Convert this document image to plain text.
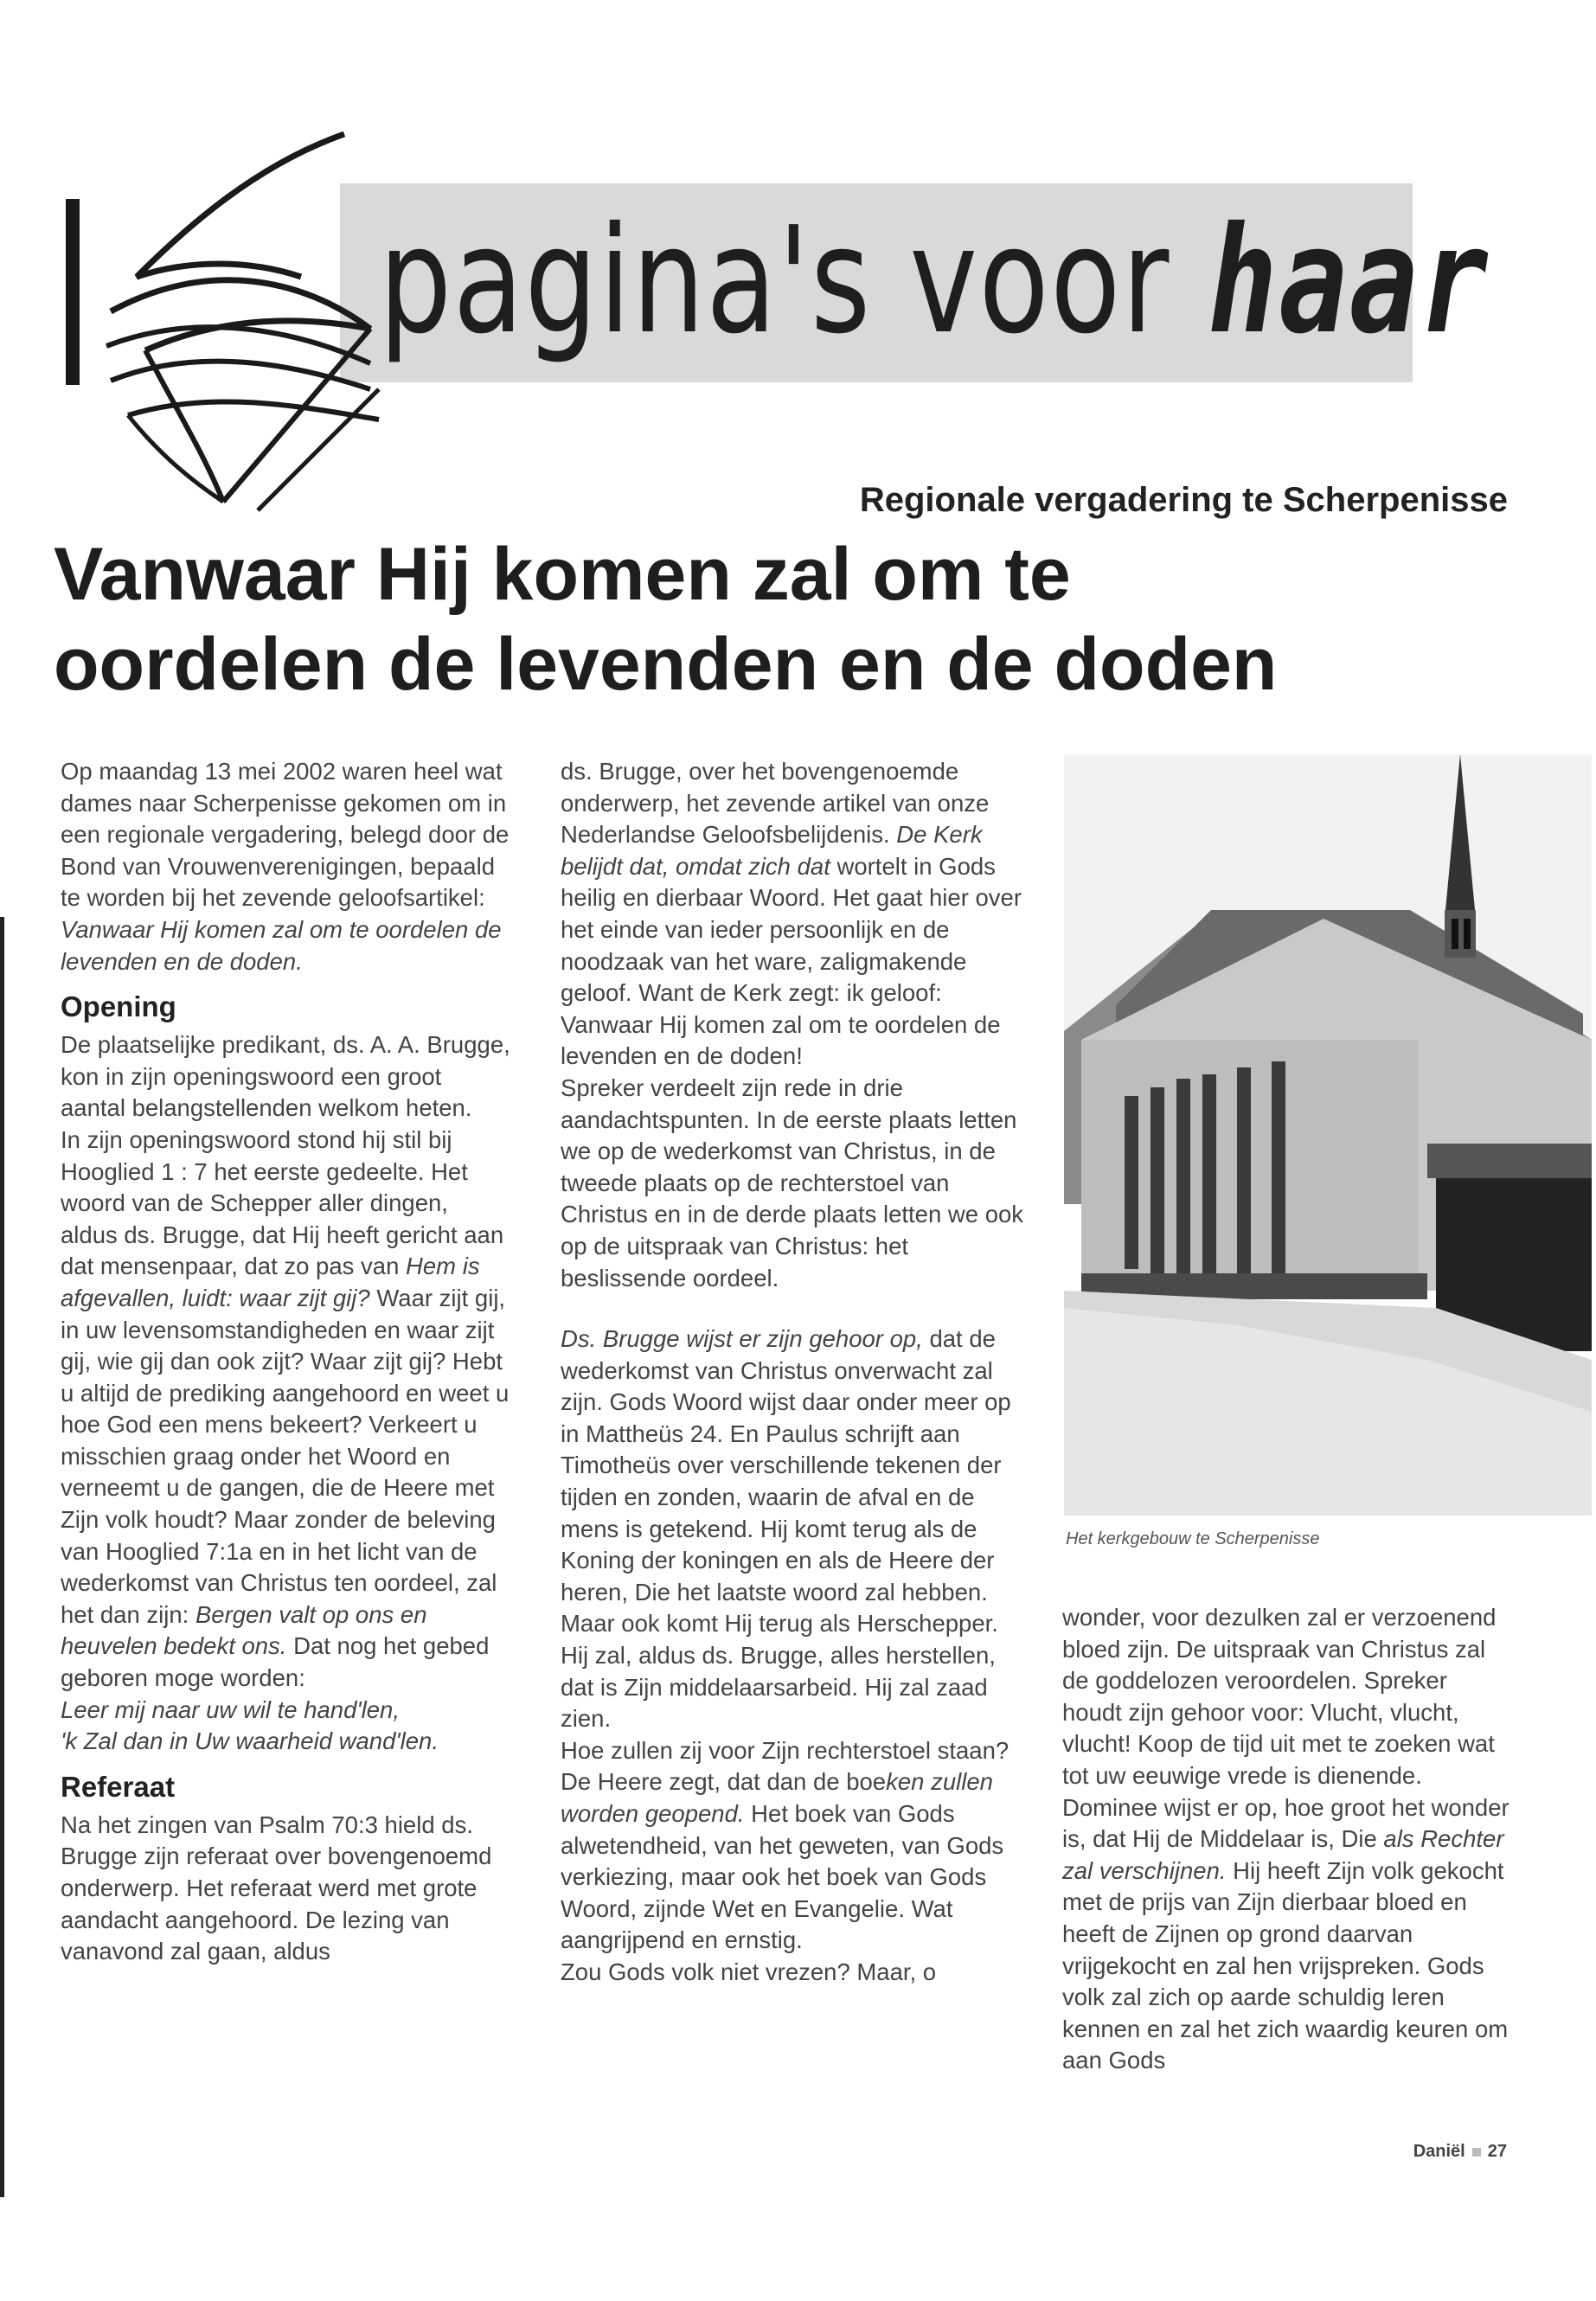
pagina's voor haar
Regionale vergadering te Scherpenisse
Vanwaar Hij komen zal om te
oordelen de levenden en de doden

Op maandag 13 mei 2002 waren heel wat dames naar Scherpenisse gekomen om in een regionale vergadering, belegd door de Bond van Vrouwenverenigingen, bepaald te worden bij het zevende geloofsartikel: Vanwaar Hij komen zal om te oordelen de levenden en de doden.

Opening

De plaatselijke predikant, ds. A. A. Brugge, kon in zijn openingswoord een groot aantal belangstellenden welkom heten.

In zijn openingswoord stond hij stil bij Hooglied 1 : 7 het eerste gedeelte. Het woord van de Schepper aller dingen, aldus ds. Brugge, dat Hij heeft gericht aan dat mensenpaar, dat zo pas van Hem is afgevallen, luidt: waar zijt gij? Waar zijt gij, in uw levensomstandigheden en waar zijt gij, wie gij dan ook zijt? Waar zijt gij? Hebt u altijd de prediking aangehoord en weet u hoe God een mens bekeert? Verkeert u misschien graag onder het Woord en verneemt u de gangen, die de Heere met Zijn volk houdt? Maar zonder de beleving van Hooglied 7:1a en in het licht van de wederkomst van Christus ten oordeel, zal het dan zijn: Bergen valt op ons en heuvelen bedekt ons. Dat nog het gebed geboren moge worden:

Leer mij naar uw wil te hand'len,

'k Zal dan in Uw waarheid wand'len.

Referaat

Na het zingen van Psalm 70:3 hield ds. Brugge zijn referaat over bovengenoemd onderwerp. Het referaat werd met grote aandacht aangehoord. De lezing van vanavond zal gaan, aldus

ds. Brugge, over het bovengenoemde onderwerp, het zevende artikel van onze Nederlandse Geloofsbelijdenis. De Kerk belijdt dat, omdat zich dat wortelt in Gods heilig en dierbaar Woord. Het gaat hier over het einde van ieder persoonlijk en de noodzaak van het ware, zaligmakende geloof. Want de Kerk zegt: ik geloof: Vanwaar Hij komen zal om te oordelen de levenden en de doden!

Spreker verdeelt zijn rede in drie aandachtspunten. In de eerste plaats letten we op de wederkomst van Christus, in de tweede plaats op de rechterstoel van Christus en in de derde plaats letten we ook op de uitspraak van Christus: het beslissende oordeel.

Ds. Brugge wijst er zijn gehoor op, dat de wederkomst van Christus onverwacht zal zijn. Gods Woord wijst daar onder meer op in Mattheüs 24. En Paulus schrijft aan Timotheüs over verschillende tekenen der tijden en zonden, waarin de afval en de mens is getekend. Hij komt terug als de Koning der koningen en als de Heere der heren, Die het laatste woord zal hebben. Maar ook komt Hij terug als Herschepper. Hij zal, aldus ds. Brugge, alles herstellen, dat is Zijn middelaarsarbeid. Hij zal zaad zien.

Hoe zullen zij voor Zijn rechterstoel staan? De Heere zegt, dat dan de boeken zullen worden geopend. Het boek van Gods alwetendheid, van het geweten, van Gods verkiezing, maar ook het boek van Gods Woord, zijnde Wet en Evangelie. Wat aangrijpend en ernstig.

Zou Gods volk niet vrezen? Maar, o

Het kerkgebouw te Scherpenisse

wonder, voor dezulken zal er verzoenend bloed zijn. De uitspraak van Christus zal de goddelozen veroordelen. Spreker houdt zijn gehoor voor: Vlucht, vlucht, vlucht! Koop de tijd uit met te zoeken wat tot uw eeuwige vrede is dienende.

Dominee wijst er op, hoe groot het wonder is, dat Hij de Middelaar is, Die als Rechter zal verschijnen. Hij heeft Zijn volk gekocht met de prijs van Zijn dierbaar bloed en heeft de Zijnen op grond daarvan vrijgekocht en zal hen vrijspreken. Gods volk zal zich op aarde schuldig leren kennen en zal het zich waardig keuren om aan Gods

Daniël 27
